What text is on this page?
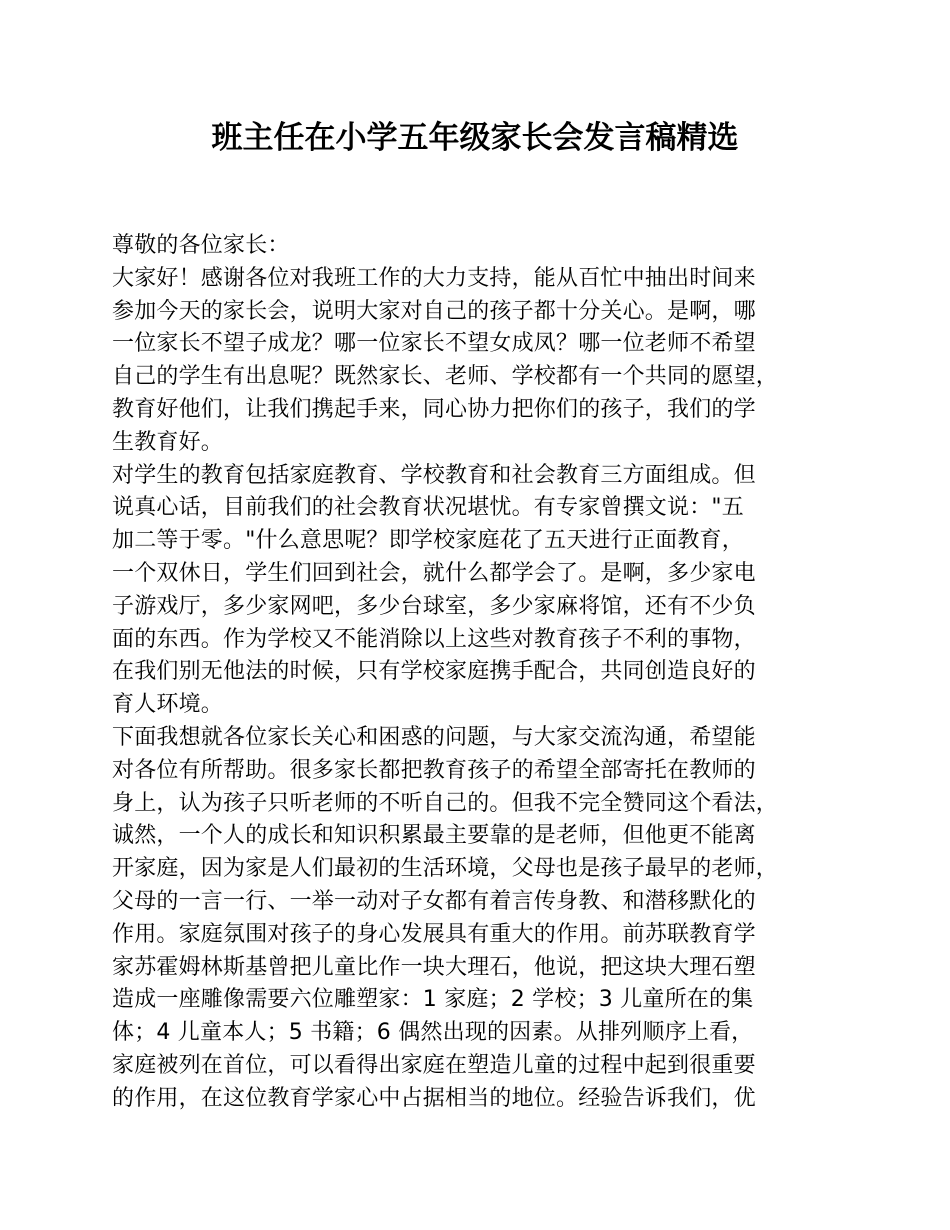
班主任在小学五年级家长会发言稿精选
尊敬的各位家长：
大家好！感谢各位对我班工作的大力支持，能从百忙中抽出时间来
参加今天的家长会，说明大家对自己的孩子都十分关心。是啊，哪
一位家长不望子成龙？哪一位家长不望女成凤？哪一位老师不希望
自己的学生有出息呢？既然家长、老师、学校都有一个共同的愿望，
教育好他们，让我们携起手来，同心协力把你们的孩子，我们的学
生教育好。
对学生的教育包括家庭教育、学校教育和社会教育三方面组成。但
说真心话，目前我们的社会教育状况堪忧。有专家曾撰文说："五
加二等于零。"什么意思呢？即学校家庭花了五天进行正面教育，
一个双休日，学生们回到社会，就什么都学会了。是啊，多少家电
子游戏厅，多少家网吧，多少台球室，多少家麻将馆，还有不少负
面的东西。作为学校又不能消除以上这些对教育孩子不利的事物，
在我们别无他法的时候，只有学校家庭携手配合，共同创造良好的
育人环境。
下面我想就各位家长关心和困惑的问题，与大家交流沟通，希望能
对各位有所帮助。很多家长都把教育孩子的希望全部寄托在教师的
身上，认为孩子只听老师的不听自己的。但我不完全赞同这个看法，
诚然，一个人的成长和知识积累最主要靠的是老师，但他更不能离
开家庭，因为家是人们最初的生活环境，父母也是孩子最早的老师，
父母的一言一行、一举一动对子女都有着言传身教、和潜移默化的
作用。家庭氛围对孩子的身心发展具有重大的作用。前苏联教育学
家苏霍姆林斯基曾把儿童比作一块大理石，他说，把这块大理石塑
造成一座雕像需要六位雕塑家：1 家庭；2 学校；3 儿童所在的集
体；4 儿童本人；5 书籍；6 偶然出现的因素。从排列顺序上看，
家庭被列在首位，可以看得出家庭在塑造儿童的过程中起到很重要
的作用，在这位教育学家心中占据相当的地位。经验告诉我们，优
